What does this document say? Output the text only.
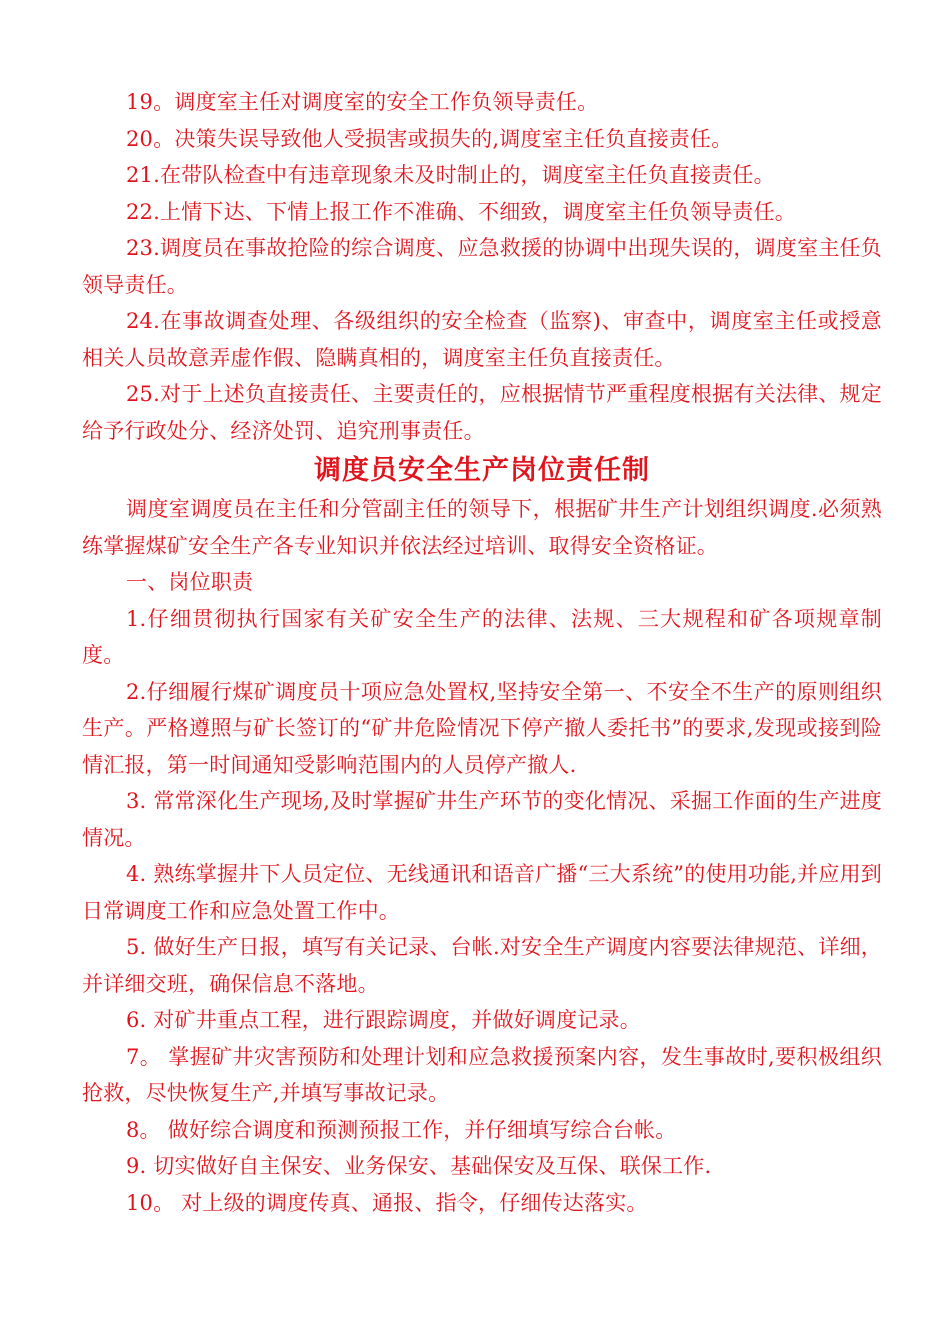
19。调度室主任对调度室的安全工作负领导责任。

20。决策失误导致他人受损害或损失的,调度室主任负直接责任。

21.在带队检查中有违章现象未及时制止的，调度室主任负直接责任。

22.上情下达、下情上报工作不准确、不细致，调度室主任负领导责任。

23.调度员在事故抢险的综合调度、应急救援的协调中出现失误的，调度室主任负领导责任。

24.在事故调查处理、各级组织的安全检查（监察)、审查中，调度室主任或授意相关人员故意弄虚作假、隐瞒真相的，调度室主任负直接责任。

25.对于上述负直接责任、主要责任的，应根据情节严重程度根据有关法律、规定给予行政处分、经济处罚、追究刑事责任。

调度员安全生产岗位责任制

调度室调度员在主任和分管副主任的领导下，根据矿井生产计划组织调度.必须熟练掌握煤矿安全生产各专业知识并依法经过培训、取得安全资格证。

一、岗位职责

1.仔细贯彻执行国家有关矿安全生产的法律、法规、三大规程和矿各项规章制度。

2.仔细履行煤矿调度员十项应急处置权,坚持安全第一、不安全不生产的原则组织生产。严格遵照与矿长签订的“矿井危险情况下停产撤人委托书”的要求,发现或接到险情汇报，第一时间通知受影响范围内的人员停产撤人.

3. 常常深化生产现场,及时掌握矿井生产环节的变化情况、采掘工作面的生产进度情况。

4. 熟练掌握井下人员定位、无线通讯和语音广播“三大系统”的使用功能,并应用到日常调度工作和应急处置工作中。

5. 做好生产日报，填写有关记录、台帐.对安全生产调度内容要法律规范、详细，并详细交班，确保信息不落地。

6. 对矿井重点工程，进行跟踪调度，并做好调度记录。

7。 掌握矿井灾害预防和处理计划和应急救援预案内容，发生事故时,要积极组织抢救，尽快恢复生产,并填写事故记录。

8。 做好综合调度和预测预报工作，并仔细填写综合台帐。

9. 切实做好自主保安、业务保安、基础保安及互保、联保工作.

10。 对上级的调度传真、通报、指令，仔细传达落实。
